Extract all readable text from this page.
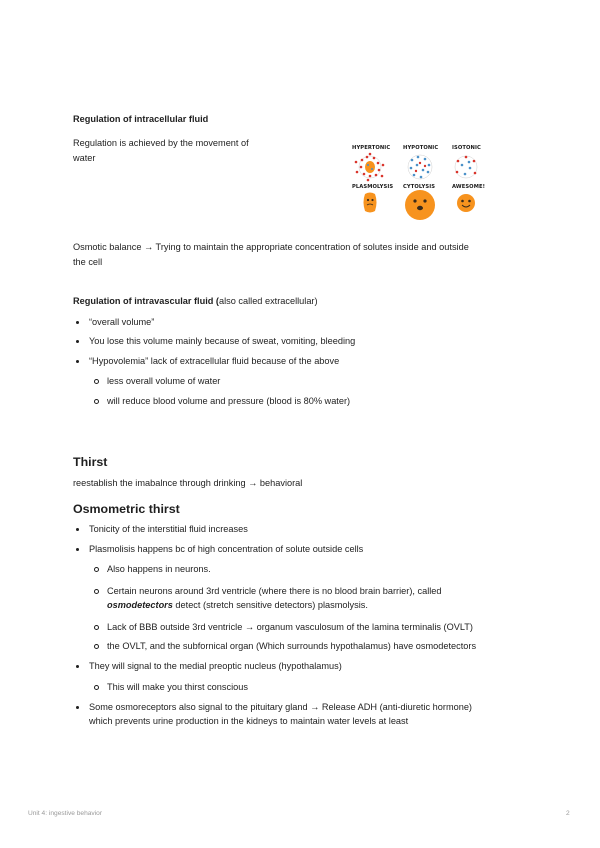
Regulation of intracellular fluid
Regulation is achieved by the movement of
water
HYPERTONIC HYPOTONIC	ISOTONIC
PLASMOLYSIS CYTOLYSIS	AWESOME!
Osmotic balance → Trying to maintain the appropriate concentration of solutes inside and outside
the cell
Regulation of intravascular fluid (also called extracellular)
“overall volume”
You lose this volume mainly because of sweat, vomiting, bleeding
“Hypovolemia” lack of extracellular fluid because of the above
less overall volume of water
will reduce blood volume and pressure (blood is 80% water)
Thirst
reestablish the imabalnce through drinking → behavioral
Osmometric thirst
Tonicity of the interstitial fluid increases
Plasmolisis happens bc of high concentration of solute outside cells
Also happens in neurons.
Certain neurons around 3rd ventricle (where there is no blood brain barrier), called
osmodetectors detect (stretch sensitive detectors) plasmolysis.
Lack of BBB outside 3rd ventricle → organum vasculosum of the lamina terminalis (OVLT)
the OVLT, and the subfornical organ (Which surrounds hypothalamus) have osmodetectors
They will signal to the medial preoptic nucleus (hypothalamus)
This will make you thirst conscious
Some osmoreceptors also signal to the pituitary gland → Release ADH (anti-diuretic hormone)
which prevents urine production in the kidneys to maintain water levels at least
Unit 4: ingestive behavior	2
